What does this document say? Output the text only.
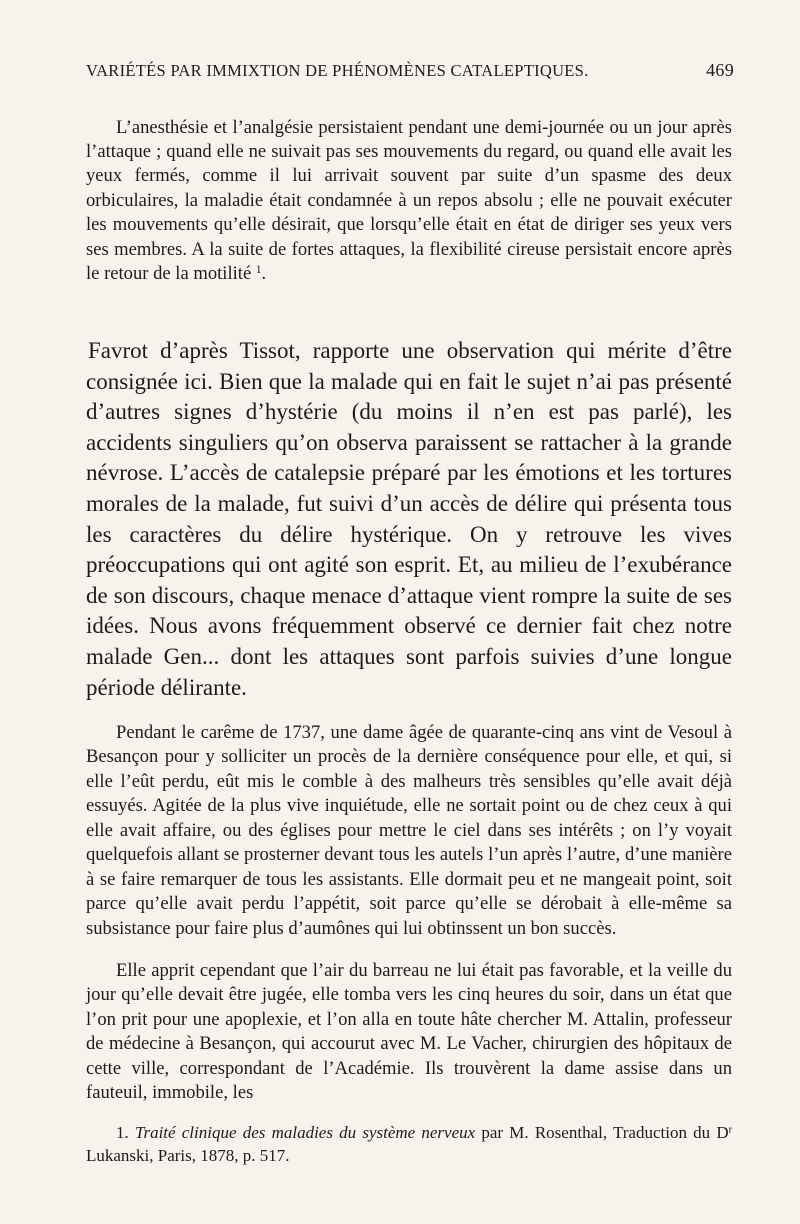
VARIÉTÉS PAR IMMIXTION DE PHÉNOMÈNES CATALEPTIQUES.	469

L’anesthésie et l’analgésie persistaient pendant une demi-journée ou un jour après l’attaque ; quand elle ne suivait pas ses mouvements du regard, ou quand elle avait les yeux fermés, comme il lui arrivait souvent par suite d’un spasme des deux orbiculaires, la maladie était condamnée à un repos absolu ; elle ne pouvait exécuter les mouvements qu’elle désirait, que lorsqu’elle était en état de diriger ses yeux vers ses membres. A la suite de fortes attaques, la flexibilité cireuse persistait encore après le retour de la motilité $^1$.

Favrot d’après Tissot, rapporte une observation qui mérite d’être consignée ici. Bien que la malade qui en fait le sujet n’ai pas présenté d’autres signes d’hystérie (du moins il n’en est pas parlé), les accidents singuliers qu’on observa paraissent se rattacher à la grande névrose. L’accès de catalepsie préparé par les émotions et les tortures morales de la malade, fut suivi d’un accès de délire qui présenta tous les caractères du délire hystérique. On y retrouve les vives préoccupations qui ont agité son esprit. Et, au milieu de l’exubérance de son discours, chaque menace d’attaque vient rompre la suite de ses idées. Nous avons fréquemment observé ce dernier fait chez notre malade Gen... dont les attaques sont parfois suivies d’une longue période délirante.

Pendant le carême de 1737, une dame âgée de quarante-cinq ans vint de Vesoul à Besançon pour y solliciter un procès de la dernière conséquence pour elle, et qui, si elle l’eût perdu, eût mis le comble à des malheurs très sensibles qu’elle avait déjà essuyés. Agitée de la plus vive inquiétude, elle ne sortait point ou de chez ceux à qui elle avait affaire, ou des églises pour mettre le ciel dans ses intérêts ; on l’y voyait quelquefois allant se prosterner devant tous les autels l’un après l’autre, d’une manière à se faire remarquer de tous les assistants. Elle dormait peu et ne mangeait point, soit parce qu’elle avait perdu l’appétit, soit parce qu’elle se dérobait à elle-même sa subsistance pour faire plus d’aumônes qui lui obtinssent un bon succès.

Elle apprit cependant que l’air du barreau ne lui était pas favorable, et la veille du jour qu’elle devait être jugée, elle tomba vers les cinq heures du soir, dans un état que l’on prit pour une apoplexie, et l’on alla en toute hâte chercher M. Attalin, professeur de médecine à Besançon, qui accourut avec M. Le Vacher, chirurgien des hôpitaux de cette ville, correspondant de l’Académie. Ils trouvèrent la dame assise dans un fauteuil, immobile, les

1. Traité clinique des maladies du système nerveux par M. Rosenthal, Traduction du $D^r$ Lukanski, Paris, 1878, p. 517.
